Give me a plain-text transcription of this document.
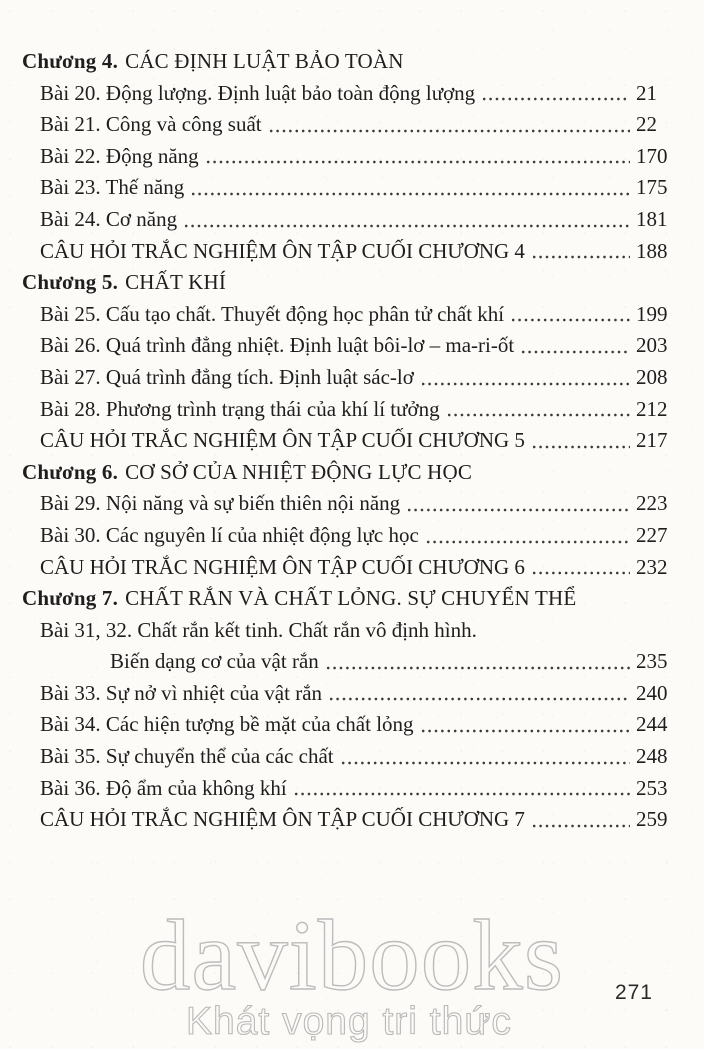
Chương 4. CÁC ĐỊNH LUẬT BẢO TOÀN
Bài 20. Động lượng. Định luật bảo toàn động lượng	21
Bài 21. Công và công suất	22
Bài 22. Động năng	170
Bài 23. Thế năng	175
Bài 24. Cơ năng	181
CÂU HỎI TRẮC NGHIỆM ÔN TẬP CUỐI CHƯƠNG 4	188
Chương 5. CHẤT KHÍ
Bài 25. Cấu tạo chất. Thuyết động học phân tử chất khí	199
Bài 26. Quá trình đẳng nhiệt. Định luật bôi-lơ – ma-ri-ốt	203
Bài 27. Quá trình đẳng tích. Định luật sác-lơ	208
Bài 28. Phương trình trạng thái của khí lí tưởng	212
CÂU HỎI TRẮC NGHIỆM ÔN TẬP CUỐI CHƯƠNG 5	217
Chương 6. CƠ SỞ CỦA NHIỆT ĐỘNG LỰC HỌC
Bài 29. Nội năng và sự biến thiên nội năng	223
Bài 30. Các nguyên lí của nhiệt động lực học	227
CÂU HỎI TRẮC NGHIỆM ÔN TẬP CUỐI CHƯƠNG 6	232
Chương 7. CHẤT RẮN VÀ CHẤT LỎNG. SỰ CHUYỂN THỂ
Bài 31, 32. Chất rắn kết tinh. Chất rắn vô định hình.
Biến dạng cơ của vật rắn	235
Bài 33. Sự nở vì nhiệt của vật rắn	240
Bài 34. Các hiện tượng bề mặt của chất lỏng	244
Bài 35. Sự chuyển thể của các chất	248
Bài 36. Độ ẩm của không khí	253
CÂU HỎI TRẮC NGHIỆM ÔN TẬP CUỐI CHƯƠNG 7	259
davibooks
Khát vọng tri thức
271
